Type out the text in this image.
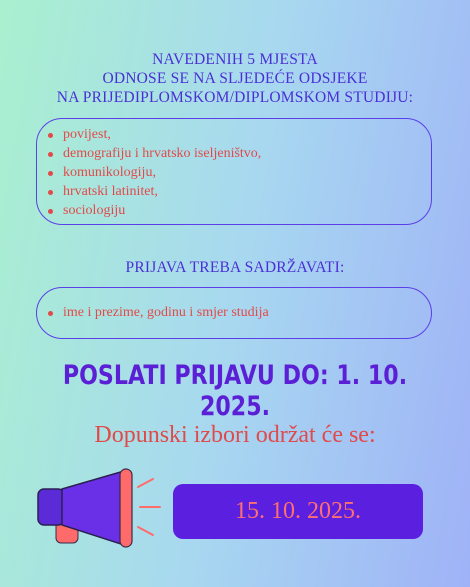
NAVEDENIH 5 MJESTA
ODNOSE SE NA SLJEDEĆE ODSJEKE
NA PRIJEDIPLOMSKOM/DIPLOMSKOM STUDIJU:
povijest,
demografiju i hrvatsko iseljeništvo,
komunikologiju,
hrvatski latinitet,
sociologiju
PRIJAVA TREBA SADRŽAVATI:
ime i prezime, godinu i smjer studija
POSLATI PRIJAVU DO: 1. 10. 2025.
Dopunski izbori održat će se:
15. 10. 2025.
